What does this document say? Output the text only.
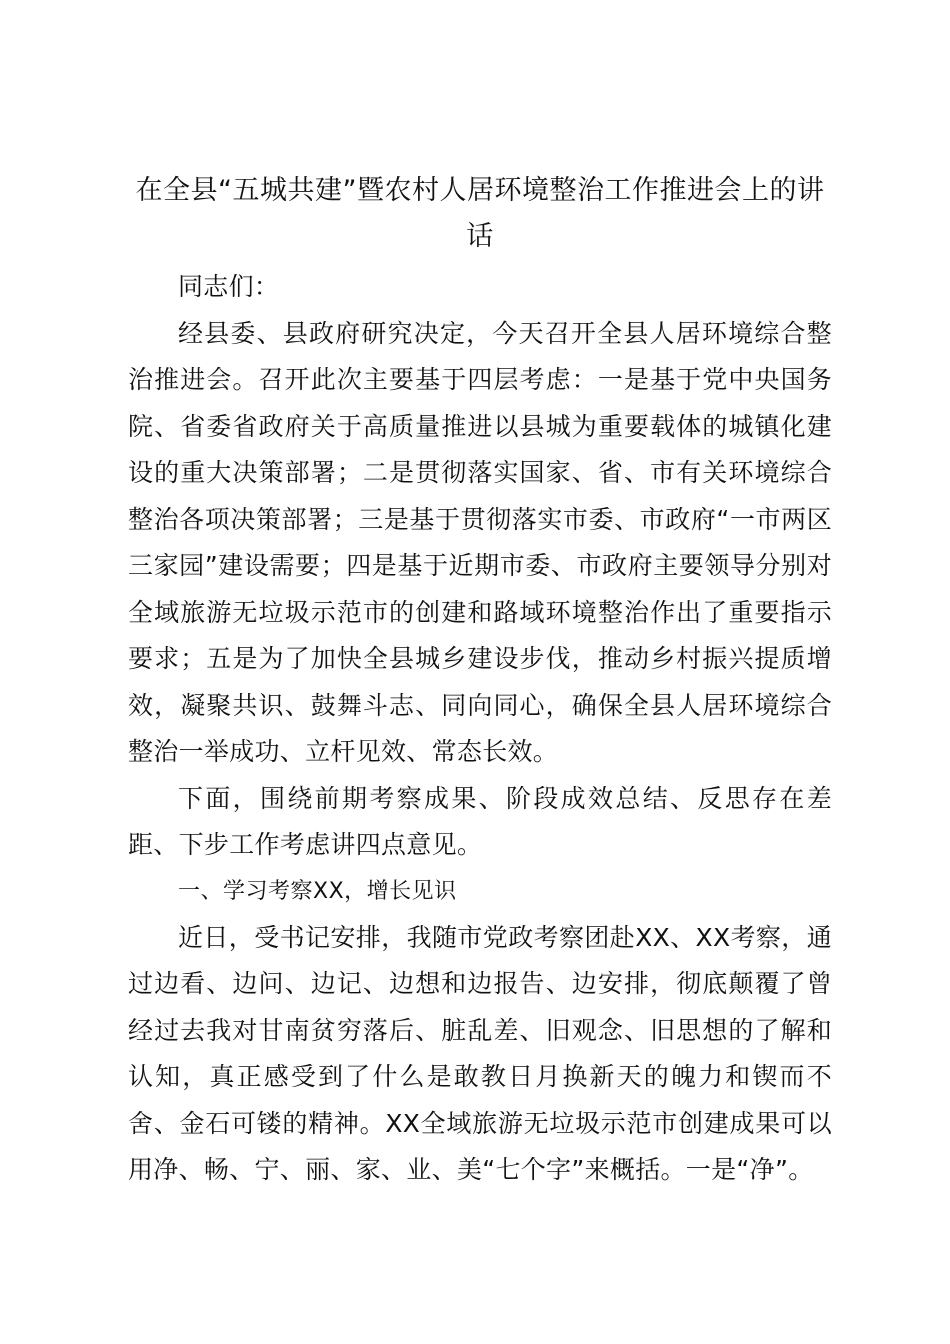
在全县“五城共建”暨农村人居环境整治工作推进会上的讲话

同志们：

经县委、县政府研究决定，今天召开全县人居环境综合整治推进会。召开此次主要基于四层考虑：一是基于党中央国务院、省委省政府关于高质量推进以县城为重要载体的城镇化建设的重大决策部署；二是贯彻落实国家、省、市有关环境综合整治各项决策部署；三是基于贯彻落实市委、市政府“一市两区三家园”建设需要；四是基于近期市委、市政府主要领导分别对全域旅游无垃圾示范市的创建和路域环境整治作出了重要指示要求；五是为了加快全县城乡建设步伐，推动乡村振兴提质增效，凝聚共识、鼓舞斗志、同向同心，确保全县人居环境综合整治一举成功、立杆见效、常态长效。

下面，围绕前期考察成果、阶段成效总结、反思存在差距、下步工作考虑讲四点意见。

一、学习考察XX，增长见识

近日，受书记安排，我随市党政考察团赴XX、XX考察，通过边看、边问、边记、边想和边报告、边安排，彻底颠覆了曾经过去我对甘南贫穷落后、脏乱差、旧观念、旧思想的了解和认知，真正感受到了什么是敢教日月换新天的魄力和锲而不舍、金石可镂的精神。XX全域旅游无垃圾示范市创建成果可以用净、畅、宁、丽、家、业、美“七个字”来概括。一是“净”。
